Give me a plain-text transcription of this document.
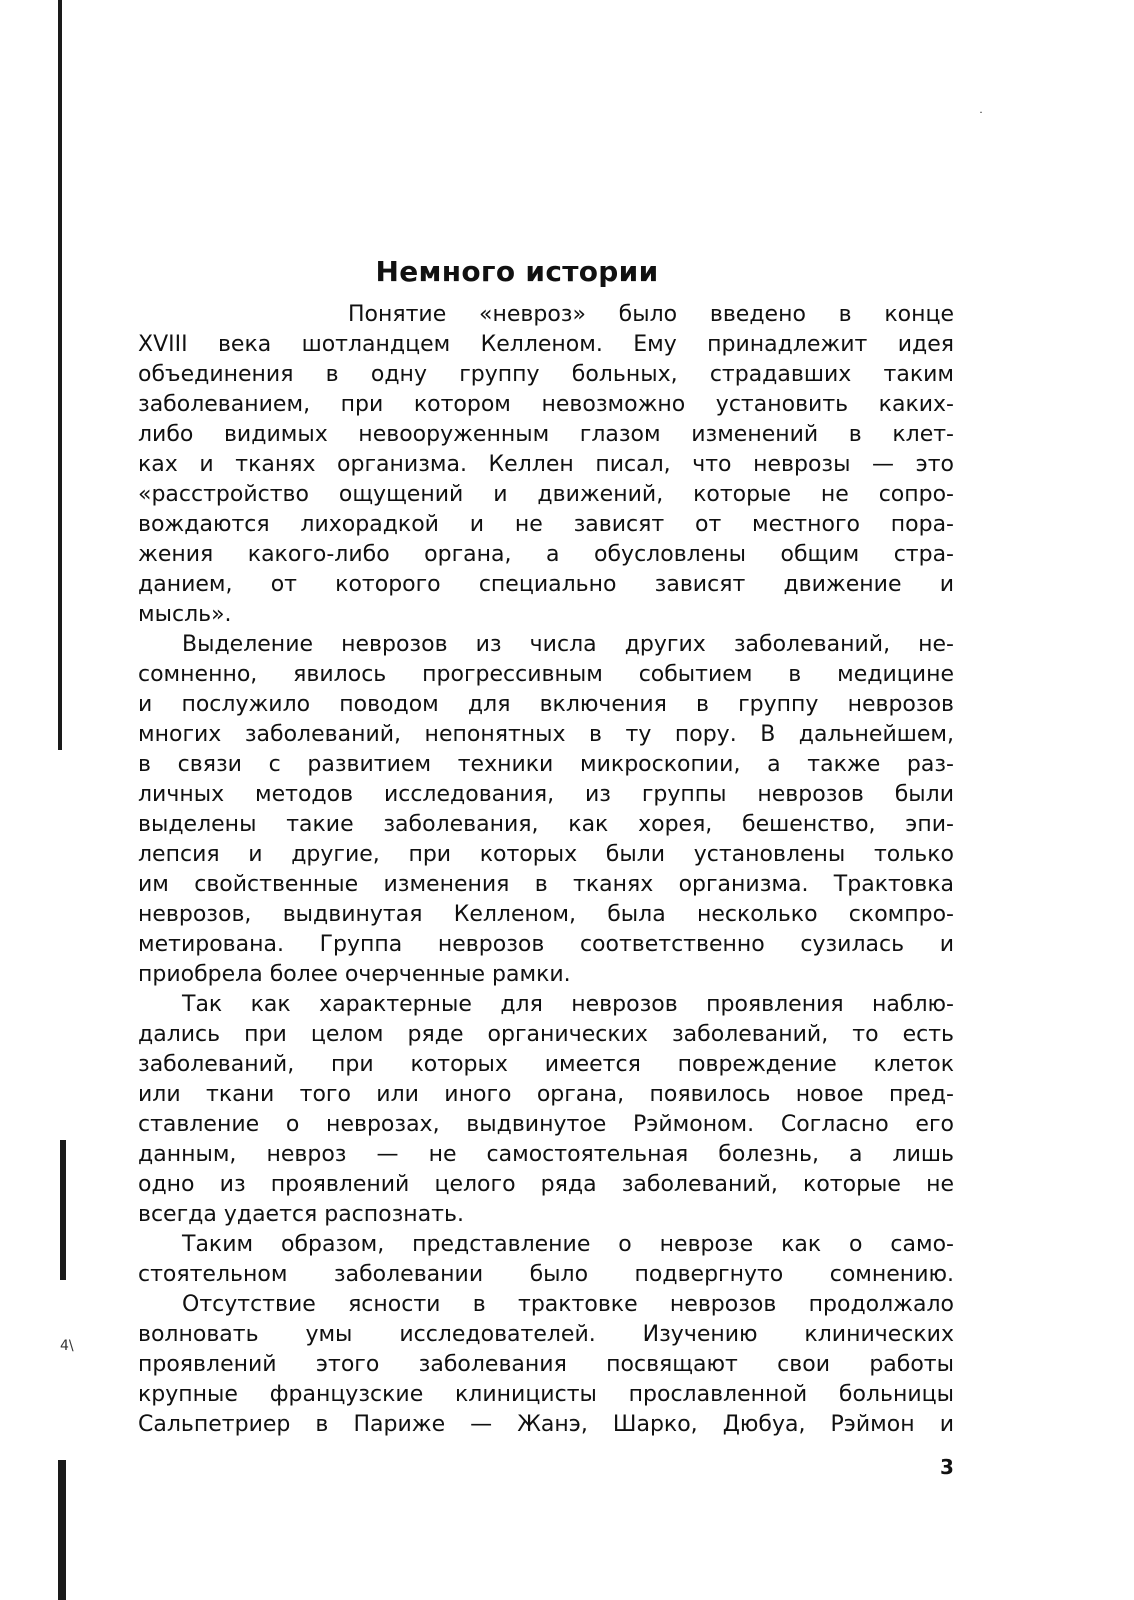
˙
Немного истории
Понятие «невроз» было введено в конце
XVIII века шотландцем Келленом. Ему принадлежит идея
объединения в одну группу больных, страдавших таким
заболеванием, при котором невозможно установить каких-
либо видимых невооруженным глазом изменений в клет-
ках и тканях организма. Келлен писал, что неврозы — это
«расстройство ощущений и движений, которые не сопро-
вождаются лихорадкой и не зависят от местного пора-
жения какого-либо органа, а обусловлены общим стра-
данием, от которого специально зависят движение и
мысль».
Выделение неврозов из числа других заболеваний, не-
сомненно, явилось прогрессивным событием в медицине
и послужило поводом для включения в группу неврозов
многих заболеваний, непонятных в ту пору. В дальнейшем,
в связи с развитием техники микроскопии, а также раз-
личных методов исследования, из группы неврозов были
выделены такие заболевания, как хорея, бешенство, эпи-
лепсия и другие, при которых были установлены только
им свойственные изменения в тканях организма. Трактовка
неврозов, выдвинутая Келленом, была несколько скомпро-
метирована. Группа неврозов соответственно сузилась и
приобрела более очерченные рамки.
Так как характерные для неврозов проявления наблю-
дались при целом ряде органических заболеваний, то есть
заболеваний, при которых имеется повреждение клеток
или ткани того или иного органа, появилось новое пред-
ставление о неврозах, выдвинутое Рэймоном. Согласно его
данным, невроз — не самостоятельная болезнь, а лишь
одно из проявлений целого ряда заболеваний, которые не
всегда удается распознать.
Таким образом, представление о неврозе как о само-
стоятельном заболевании было подвергнуто сомнению.
Отсутствие ясности в трактовке неврозов продолжало
волновать умы исследователей. Изучению клинических
проявлений этого заболевания посвящают свои работы
крупные французские клиницисты прославленной больницы
Сальпетриер в Париже — Жанэ, Шарко, Дюбуа, Рэймон и
4\
3
